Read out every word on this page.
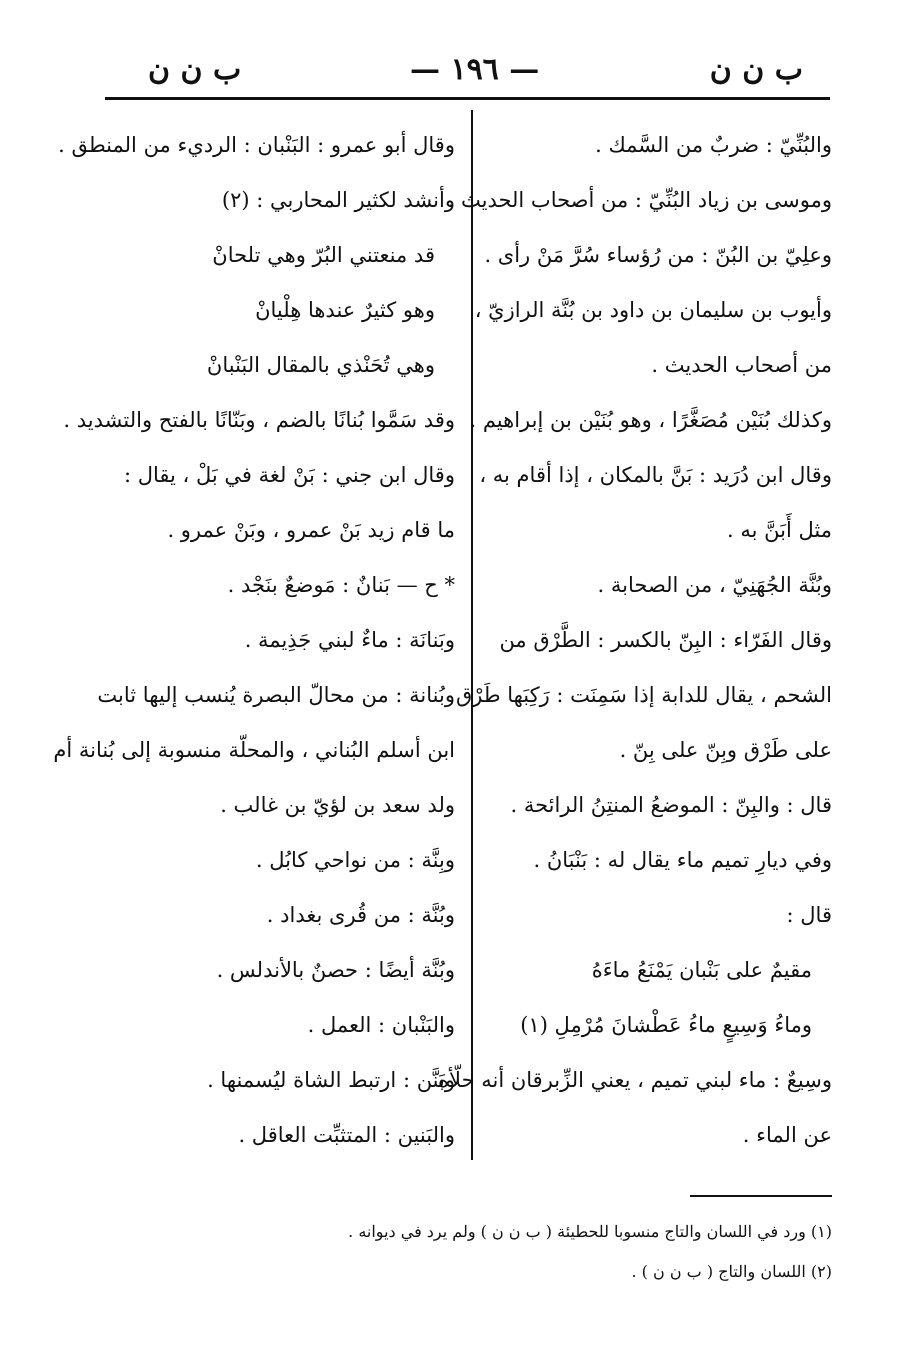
ب ن ن
— ١٩٦ —
ب ن ن
والبُنِّيّ : ضربٌ من السَّمك .
وموسى بن زياد البُنِّيّ : من أصحاب الحديث .
وعلِيّ بن البُنّ : من رُؤساء سُرَّ مَنْ رأى .
وأيوب بن سليمان بن داود بن بُنَّة الرازيّ ،
من أصحاب الحديث .
وكذلك بُنَيْن مُصَغَّرًا ، وهو بُنَيْن بن إبراهيم .
وقال ابن دُرَيد : بَنَّ بالمكان ، إذا أقام به ،
مثل أَبَنَّ به .
وبُنَّة الجُهَنِيّ ، من الصحابة .
وقال الفَرّاء : البِنّ بالكسر : الطَّرْق من
الشحم ، يقال للدابة إذا سَمِنَت : رَكِبَها طَرْق
على طَرْق وبِنّ على بِنّ .
قال : والبِنّ : الموضعُ المنتِنُ الرائحة .
وفي ديارِ تميم ماء يقال له : بَنْبَانُ .
قال :
مقيمٌ على بَنْبان يَمْنَعُ ماءَهُ
وماءُ وَسِيعٍ ماءُ عَطْشانَ مُرْمِلِ (١)
وسِيعٌ : ماء لبني تميم ، يعني الزِّبرقان أنه حلّأه
عن الماء .
وقال أبو عمرو : البَنْبان : الرديء من المنطق .
وأنشد لكثير المحاربي : (٢)
قد منعتني البُرّ وهي تلحانْ
وهو كثيرٌ عندها هِلْيانْ
وهي تُحَنْذي بالمقال البَنْبانْ
وقد سَمَّوا بُنانًا بالضم ، وبَنّانًا بالفتح والتشديد .
وقال ابن جني : بَنْ لغة في بَلْ ، يقال :
ما قام زيد بَنْ عمرو ، وبَنْ عمرو .
* ح — بَنانٌ : مَوضعٌ بنَجْد .
وبَنانَة : ماءٌ لبني جَذِيمة .
وبُنانة : من محالّ البصرة يُنسب إليها ثابت
ابن أسلم البُناني ، والمحلّة منسوبة إلى بُنانة أم
ولد سعد بن لؤيّ بن غالب .
وبِنَّة : من نواحي كابُل .
وبُنَّة : من قُرى بغداد .
وبُنَّة أيضًا : حصنٌ بالأندلس .
والبَنْبان : العمل .
وبَنَّن : ارتبط الشاة ليُسمنها .
والبَنين : المتثبِّت العاقل .
(١) ورد في اللسان والتاج منسوبا للحطيئة ( ب ن ن ) ولم يرد في ديوانه .
(٢) اللسان والتاج ( ب ن ن ) .
